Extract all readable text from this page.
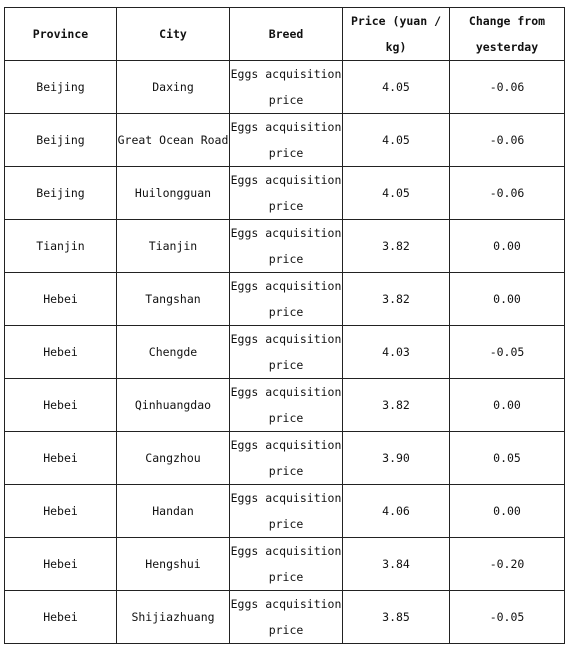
Province	City	Breed	Price (yuan / kg)	Change from yesterday
Beijing	Daxing	Eggs acquisition price	4.05	-0.06
Beijing	Great Ocean Road	Eggs acquisition price	4.05	-0.06
Beijing	Huilongguan	Eggs acquisition price	4.05	-0.06
Tianjin	Tianjin	Eggs acquisition price	3.82	0.00
Hebei	Tangshan	Eggs acquisition price	3.82	0.00
Hebei	Chengde	Eggs acquisition price	4.03	-0.05
Hebei	Qinhuangdao	Eggs acquisition price	3.82	0.00
Hebei	Cangzhou	Eggs acquisition price	3.90	0.05
Hebei	Handan	Eggs acquisition price	4.06	0.00
Hebei	Hengshui	Eggs acquisition price	3.84	-0.20
Hebei	Shijiazhuang	Eggs acquisition price	3.85	-0.05
